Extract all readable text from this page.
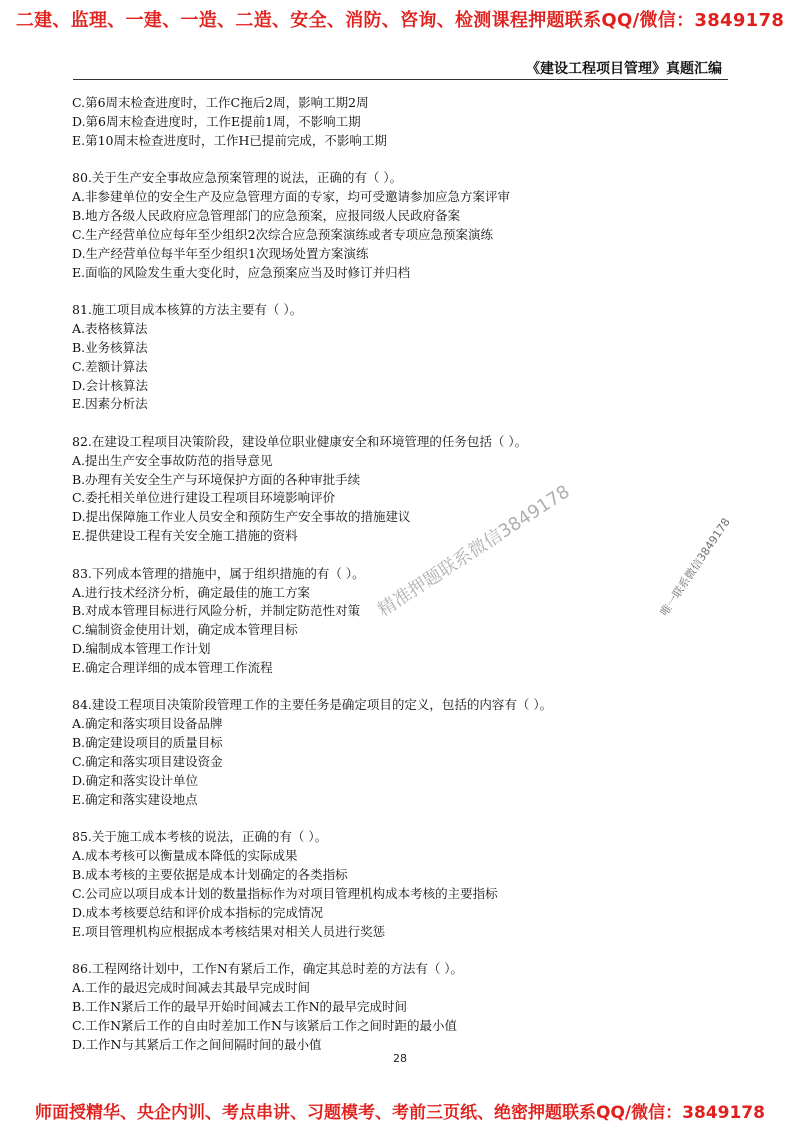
二建、监理、一建、一造、二造、安全、消防、咨询、检测课程押题联系QQ/微信：3849178
《建设工程项目管理》真题汇编
C.第6周末检查进度时，工作C拖后2周，影响工期2周
D.第6周末检查进度时，工作E提前1周，不影响工期
E.第10周末检查进度时，工作H已提前完成，不影响工期
80.关于生产安全事故应急预案管理的说法，正确的有（ ）。
A.非参建单位的安全生产及应急管理方面的专家，均可受邀请参加应急方案评审
B.地方各级人民政府应急管理部门的应急预案，应报同级人民政府备案
C.生产经营单位应每年至少组织2次综合应急预案演练或者专项应急预案演练
D.生产经营单位每半年至少组织1次现场处置方案演练
E.面临的风险发生重大变化时，应急预案应当及时修订并归档
81.施工项目成本核算的方法主要有（ ）。
A.表格核算法
B.业务核算法
C.差额计算法
D.会计核算法
E.因素分析法
82.在建设工程项目决策阶段，建设单位职业健康安全和环境管理的任务包括（ ）。
A.提出生产安全事故防范的指导意见
B.办理有关安全生产与环境保护方面的各种审批手续
C.委托相关单位进行建设工程项目环境影响评价
D.提出保障施工作业人员安全和预防生产安全事故的措施建议
E.提供建设工程有关安全施工措施的资料
83.下列成本管理的措施中，属于组织措施的有（ ）。
A.进行技术经济分析，确定最佳的施工方案
B.对成本管理目标进行风险分析，并制定防范性对策
C.编制资金使用计划，确定成本管理目标
D.编制成本管理工作计划
E.确定合理详细的成本管理工作流程
84.建设工程项目决策阶段管理工作的主要任务是确定项目的定义，包括的内容有（ ）。
A.确定和落实项目设备品牌
B.确定建设项目的质量目标
C.确定和落实项目建设资金
D.确定和落实设计单位
E.确定和落实建设地点
85.关于施工成本考核的说法，正确的有（ ）。
A.成本考核可以衡量成本降低的实际成果
B.成本考核的主要依据是成本计划确定的各类指标
C.公司应以项目成本计划的数量指标作为对项目管理机构成本考核的主要指标
D.成本考核要总结和评价成本指标的完成情况
E.项目管理机构应根据成本考核结果对相关人员进行奖惩
86.工程网络计划中，工作N有紧后工作，确定其总时差的方法有（ ）。
A.工作的最迟完成时间减去其最早完成时间
B.工作N紧后工作的最早开始时间减去工作N的最早完成时间
C.工作N紧后工作的自由时差加工作N与该紧后工作之间时距的最小值
D.工作N与其紧后工作之间间隔时间的最小值
精准押题联系微信3849178	唯一联系微信3849178
28
师面授精华、央企内训、考点串讲、习题模考、考前三页纸、绝密押题联系QQ/微信：3849178
